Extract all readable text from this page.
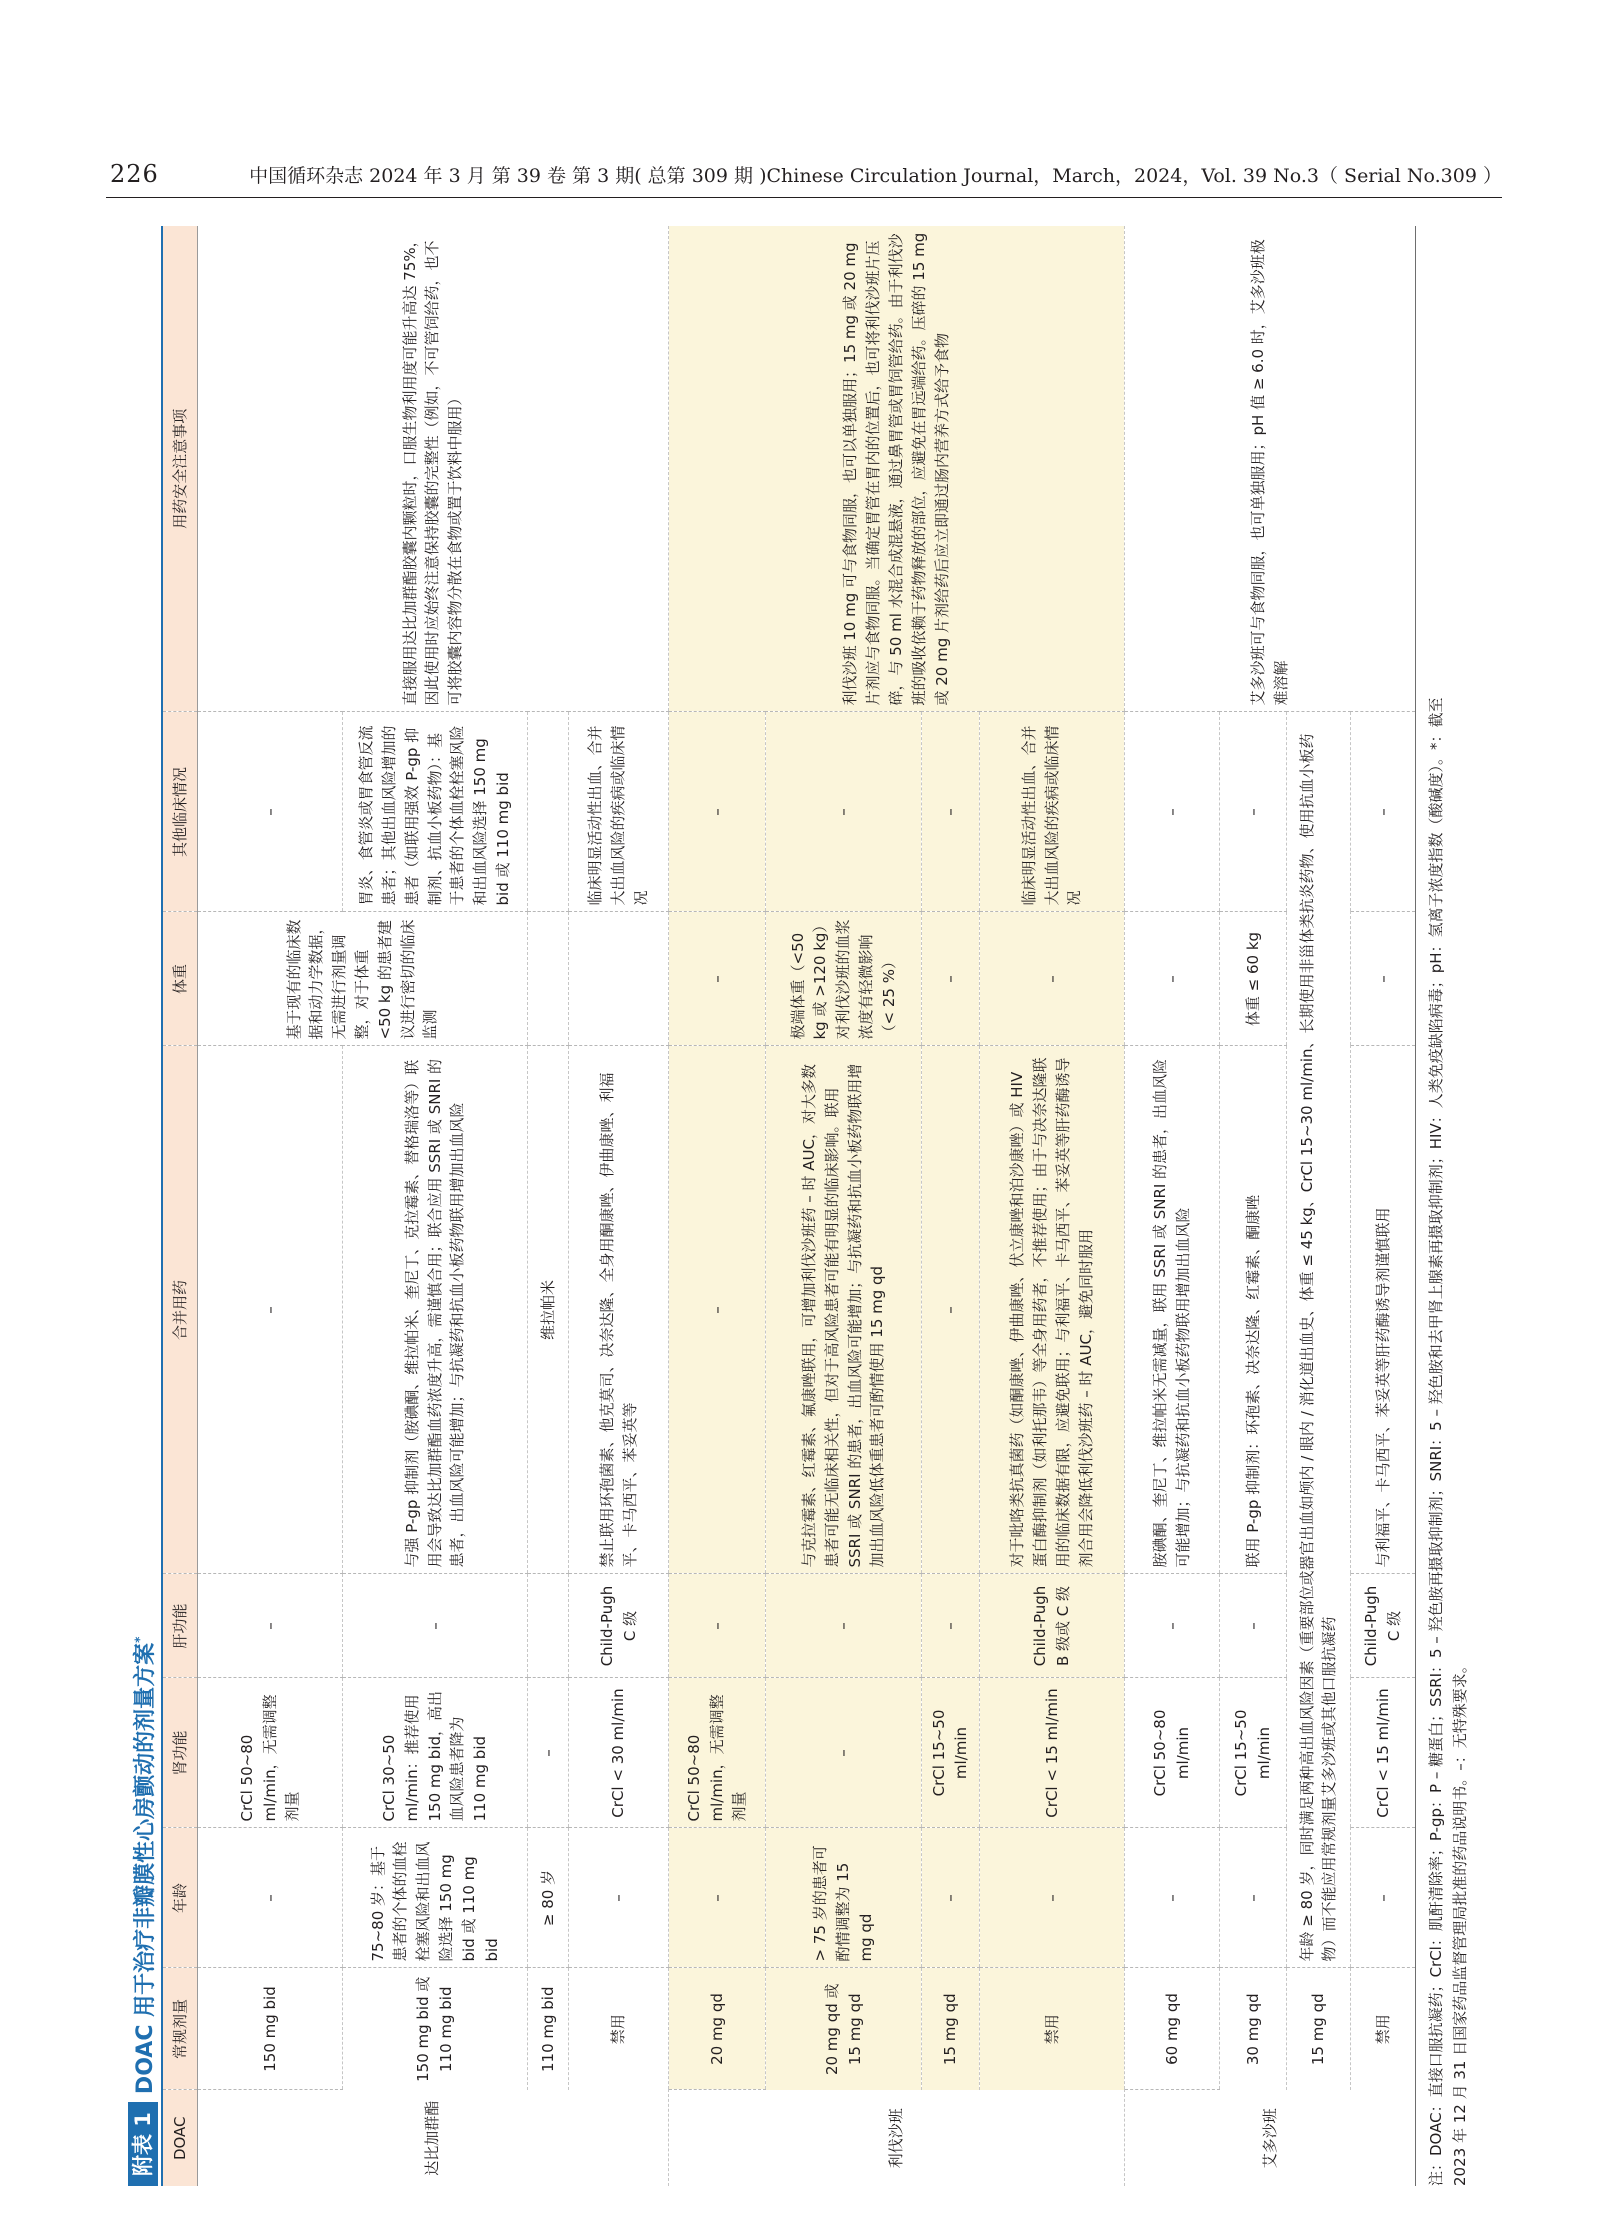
226	中国循环杂志 2024 年 3 月 第 39 卷 第 3 期( 总第 309 期 )Chinese Circulation Journal，March，2024，Vol. 39 No.3（ Serial No.309 ）
附表 1
DOAC 用于治疗非瓣膜性心房颤动的剂量方案*
DOAC	常规剂量	年龄	肾功能	肝功能	合并用药	体重	其他临床情况	用药安全注意事项
达比加群酯	150 mg bid	–	CrCl 50~80 ml/min，无需调整剂量	–	–	基于现有的临床数据和动力学数据，无需进行剂量调整，对于体重 <50 kg 的患者建议进行密切的临床监测	–	直接服用达比加群酯胶囊内颗粒时，口服生物利用度可能升高达 75%，因此使用时应始终注意保持胶囊的完整性（例如，不可管饲给药，也不可将胶囊内容物分散在食物或置于饮料中服用）
	150 mg bid 或 110 mg bid	75~80 岁：基于患者的个体的血栓栓塞风险和出血风险选择 150 mg bid 或 110 mg bid	CrCl 30~50 ml/min：推荐使用 150 mg bid，高出血风险患者降为 110 mg bid	–	与强 P-gp 抑制剂（胺碘酮、维拉帕米、奎尼丁、克拉霉素、替格瑞洛等）联用会导致达比加群酯血药浓度升高，需谨慎合用；联合应用 SSRI 或 SNRI 的患者，出血风险可能增加；与抗凝药和抗血小板药物联用增加出血风险		胃炎、食管炎或胃食管反流患者；其他出血风险增加的患者（如联用强效 P-gp 抑制剂、抗血小板药物）：基于患者的个体血栓栓塞风险和出血风险选择 150 mg bid 或 110 mg bid	
	110 mg bid	≥ 80 岁	–		维拉帕米			
	禁用	–	CrCl < 30 ml/min	Child-Pugh C 级	禁止联用环孢菌素、他克莫司、决奈达隆、全身用酮康唑、伊曲康唑、利福平、卡马西平、苯妥英等		临床明显活动性出血、合并大出血风险的疾病或临床情况	
利伐沙班	20 mg qd	–	CrCl 50~80 ml/min，无需调整剂量	–	–	–	–	利伐沙班 10 mg 可与食物同服，也可以单独服用；15 mg 或 20 mg 片剂应与食物同服。当确定胃管在胃内的位置后，也可将利伐沙班片压碎，与 50 ml 水混合成混悬液，通过鼻胃管或胃饲管给药。由于利伐沙班的吸收依赖于药物释放的部位，应避免在胃远端给药。压碎的 15 mg 或 20 mg 片剂给药后应立即通过肠内营养方式给予食物
	20 mg qd 或 15 mg qd	> 75 岁的患者可酌情调整为 15 mg qd	–	–	与克拉霉素、红霉素、氟康唑联用，可增加利伐沙班药 – 时 AUC，对大多数患者可能无临床相关性，但对于高风险患者可能有明显的临床影响。联用 SSRI 或 SNRI 的患者，出血风险可能增加；与抗凝药和抗血小板药物联用增加出血风险低体重患者可酌情使用 15 mg qd	极端体重（<50 kg 或 >120 kg）对利伐沙班的血浆浓度有轻微影响（< 25 %）	–	
	15 mg qd	–	CrCl 15~50 ml/min	–	–	–	–	
	禁用	–	CrCl < 15 ml/min	Child-Pugh B 级或 C 级	对于吡咯类抗真菌药（如酮康唑、伊曲康唑、伏立康唑和泊沙康唑）或 HIV 蛋白酶抑制剂（如利托那韦）等全身用药者，不推荐使用；由于与决奈达隆联用的临床数据有限，应避免联用；与利福平、卡马西平、苯妥英等肝药酶诱导剂合用会降低利伐沙班药 – 时 AUC，避免同时服用	–	临床明显活动性出血、合并大出血风险的疾病或临床情况	
艾多沙班	60 mg qd	–	CrCl 50~80 ml/min	–	胺碘酮、奎尼丁、维拉帕米无需减量，联用 SSRI 或 SNRI 的患者，出血风险可能增加；与抗凝药和抗血小板药物联用增加出血风险	–	–	艾多沙班可与食物同服，也可单独服用；pH 值 ≥ 6.0 时，艾多沙班极难溶解
	30 mg qd	–	CrCl 15~50 ml/min	–	联用 P-gp 抑制剂：环孢素、决奈达隆、红霉素、酮康唑	体重 ≤ 60 kg	–	
	15 mg qd	年龄 ≥ 80 岁，同时满足两种高出血风险因素（重要部位或器官出血如颅内 / 眼内 / 消化道出血史、体重 ≤ 45 kg、CrCl 15~30 ml/min、长期使用非甾体类抗炎药物、使用抗血小板药物）而不能应用常规剂量艾多沙班或其他口服抗凝药						
	禁用	–	CrCl < 15 ml/min	Child-Pugh C 级	与利福平、卡马西平、苯妥英等肝药酶诱导剂谨慎联用	–	–	注：DOAC：直接口服抗凝药；CrCl：肌酐清除率；P-gp：P – 糖蛋白；SSRI：5 – 羟色胺再摄取抑制剂；SNRI：5 – 羟色胺和去甲肾上腺素再摄取抑制剂；HIV：人类免疫缺陷病毒；pH：氢离子浓度指数（酸碱度）。*：截至 2023 年 12 月 31 日国家药品监督管理局批准的药品说明书。–：无特殊要求。
